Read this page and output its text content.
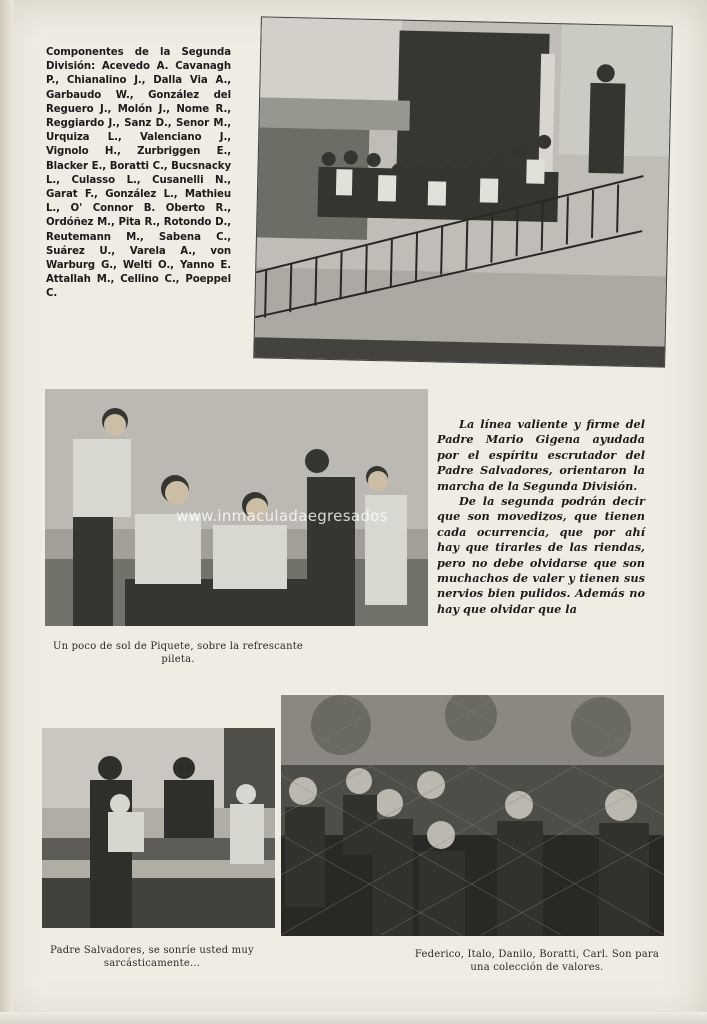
Componentes de la Segunda División: Acevedo A. Cavanagh P., Chianalino J., Dalla Via A., Garbaudo W., González del Reguero J., Molón J., Nome R., Reggiardo J., Sanz D., Senor M., Urquiza L., Valenciano J., Vignolo H., Zurbriggen E., Blacker E., Boratti C., Bucsnacky L., Culasso L., Cusanelli N., Garat F., González L., Mathieu L., O' Connor B. Oberto R., Ordóñez M., Pita R., Rotondo D., Reutemann M., Sabena C., Suárez U., Varela A., von Warburg G., Welti O., Yanno E. Attallah M., Cellino C., Poeppel C.
www.inmaculadaegresados

La línea valiente y firme del Padre Mario Gigena ayudada por el espíritu escrutador del Padre Salvadores, orientaron la marcha de la Segunda División.

De la segunda podrán decir que son movedizos, que tienen cada ocurrencia, que por ahí hay que tirarles de las riendas, pero no debe olvidarse que son muchachos de valer y tienen sus nervios bien pulidos. Además no hay que olvidar que la

Un poco de sol de Piquete, sobre la refrescante pileta.
Padre Salvadores, se sonríe usted muy sarcásticamente...
Federico, Italo, Danilo, Boratti, Carl. Son para una colección de valores.
